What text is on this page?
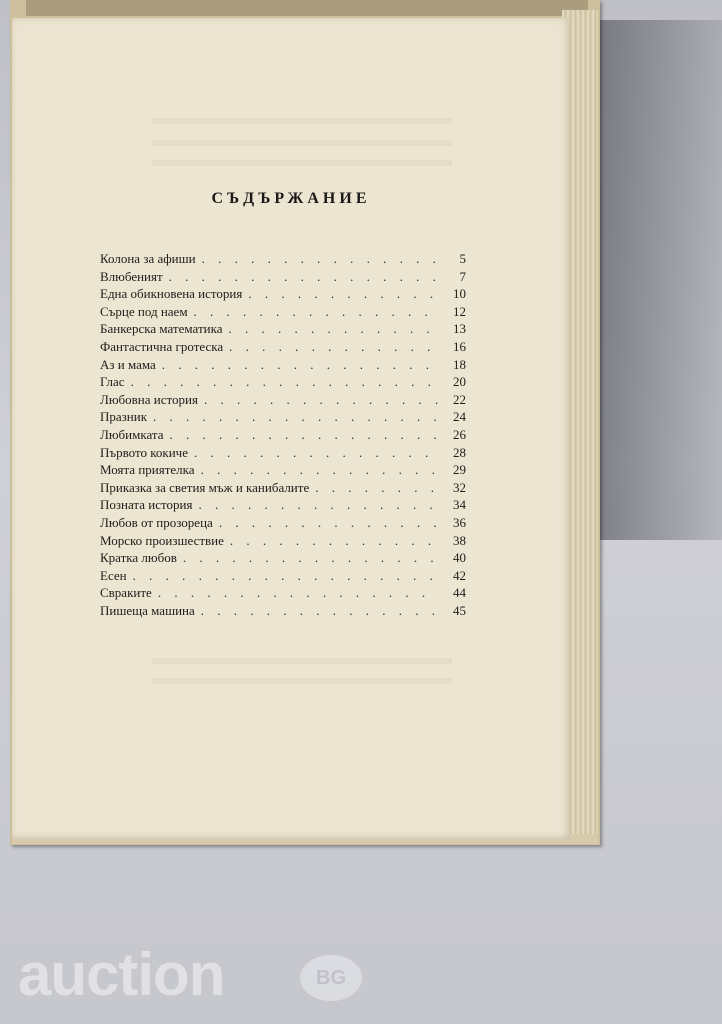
СЪДЪРЖАНИЕ
Колона за афиши . . .	5
Влюбеният . . .	7
Една обикновена история . . .	10
Сърце под наем . . .	12
Банкерска математика . . .	13
Фантастична гротеска . . .	16
Аз и мама . . .	18
Глас . . .	20
Любовна история . . .	22
Празник . . .	24
Любимката . . .	26
Първото кокиче . . .	28
Моята приятелка . . .	29
Приказка за светия мъж и канибалите . . .	32
Позната история . . .	34
Любов от прозореца . . .	36
Морско произшествие . . .	38
Кратка любов . . .	40
Есен . . .	42
Свраките . . .	44
Пишеща машина . . .	45
auction	BG
